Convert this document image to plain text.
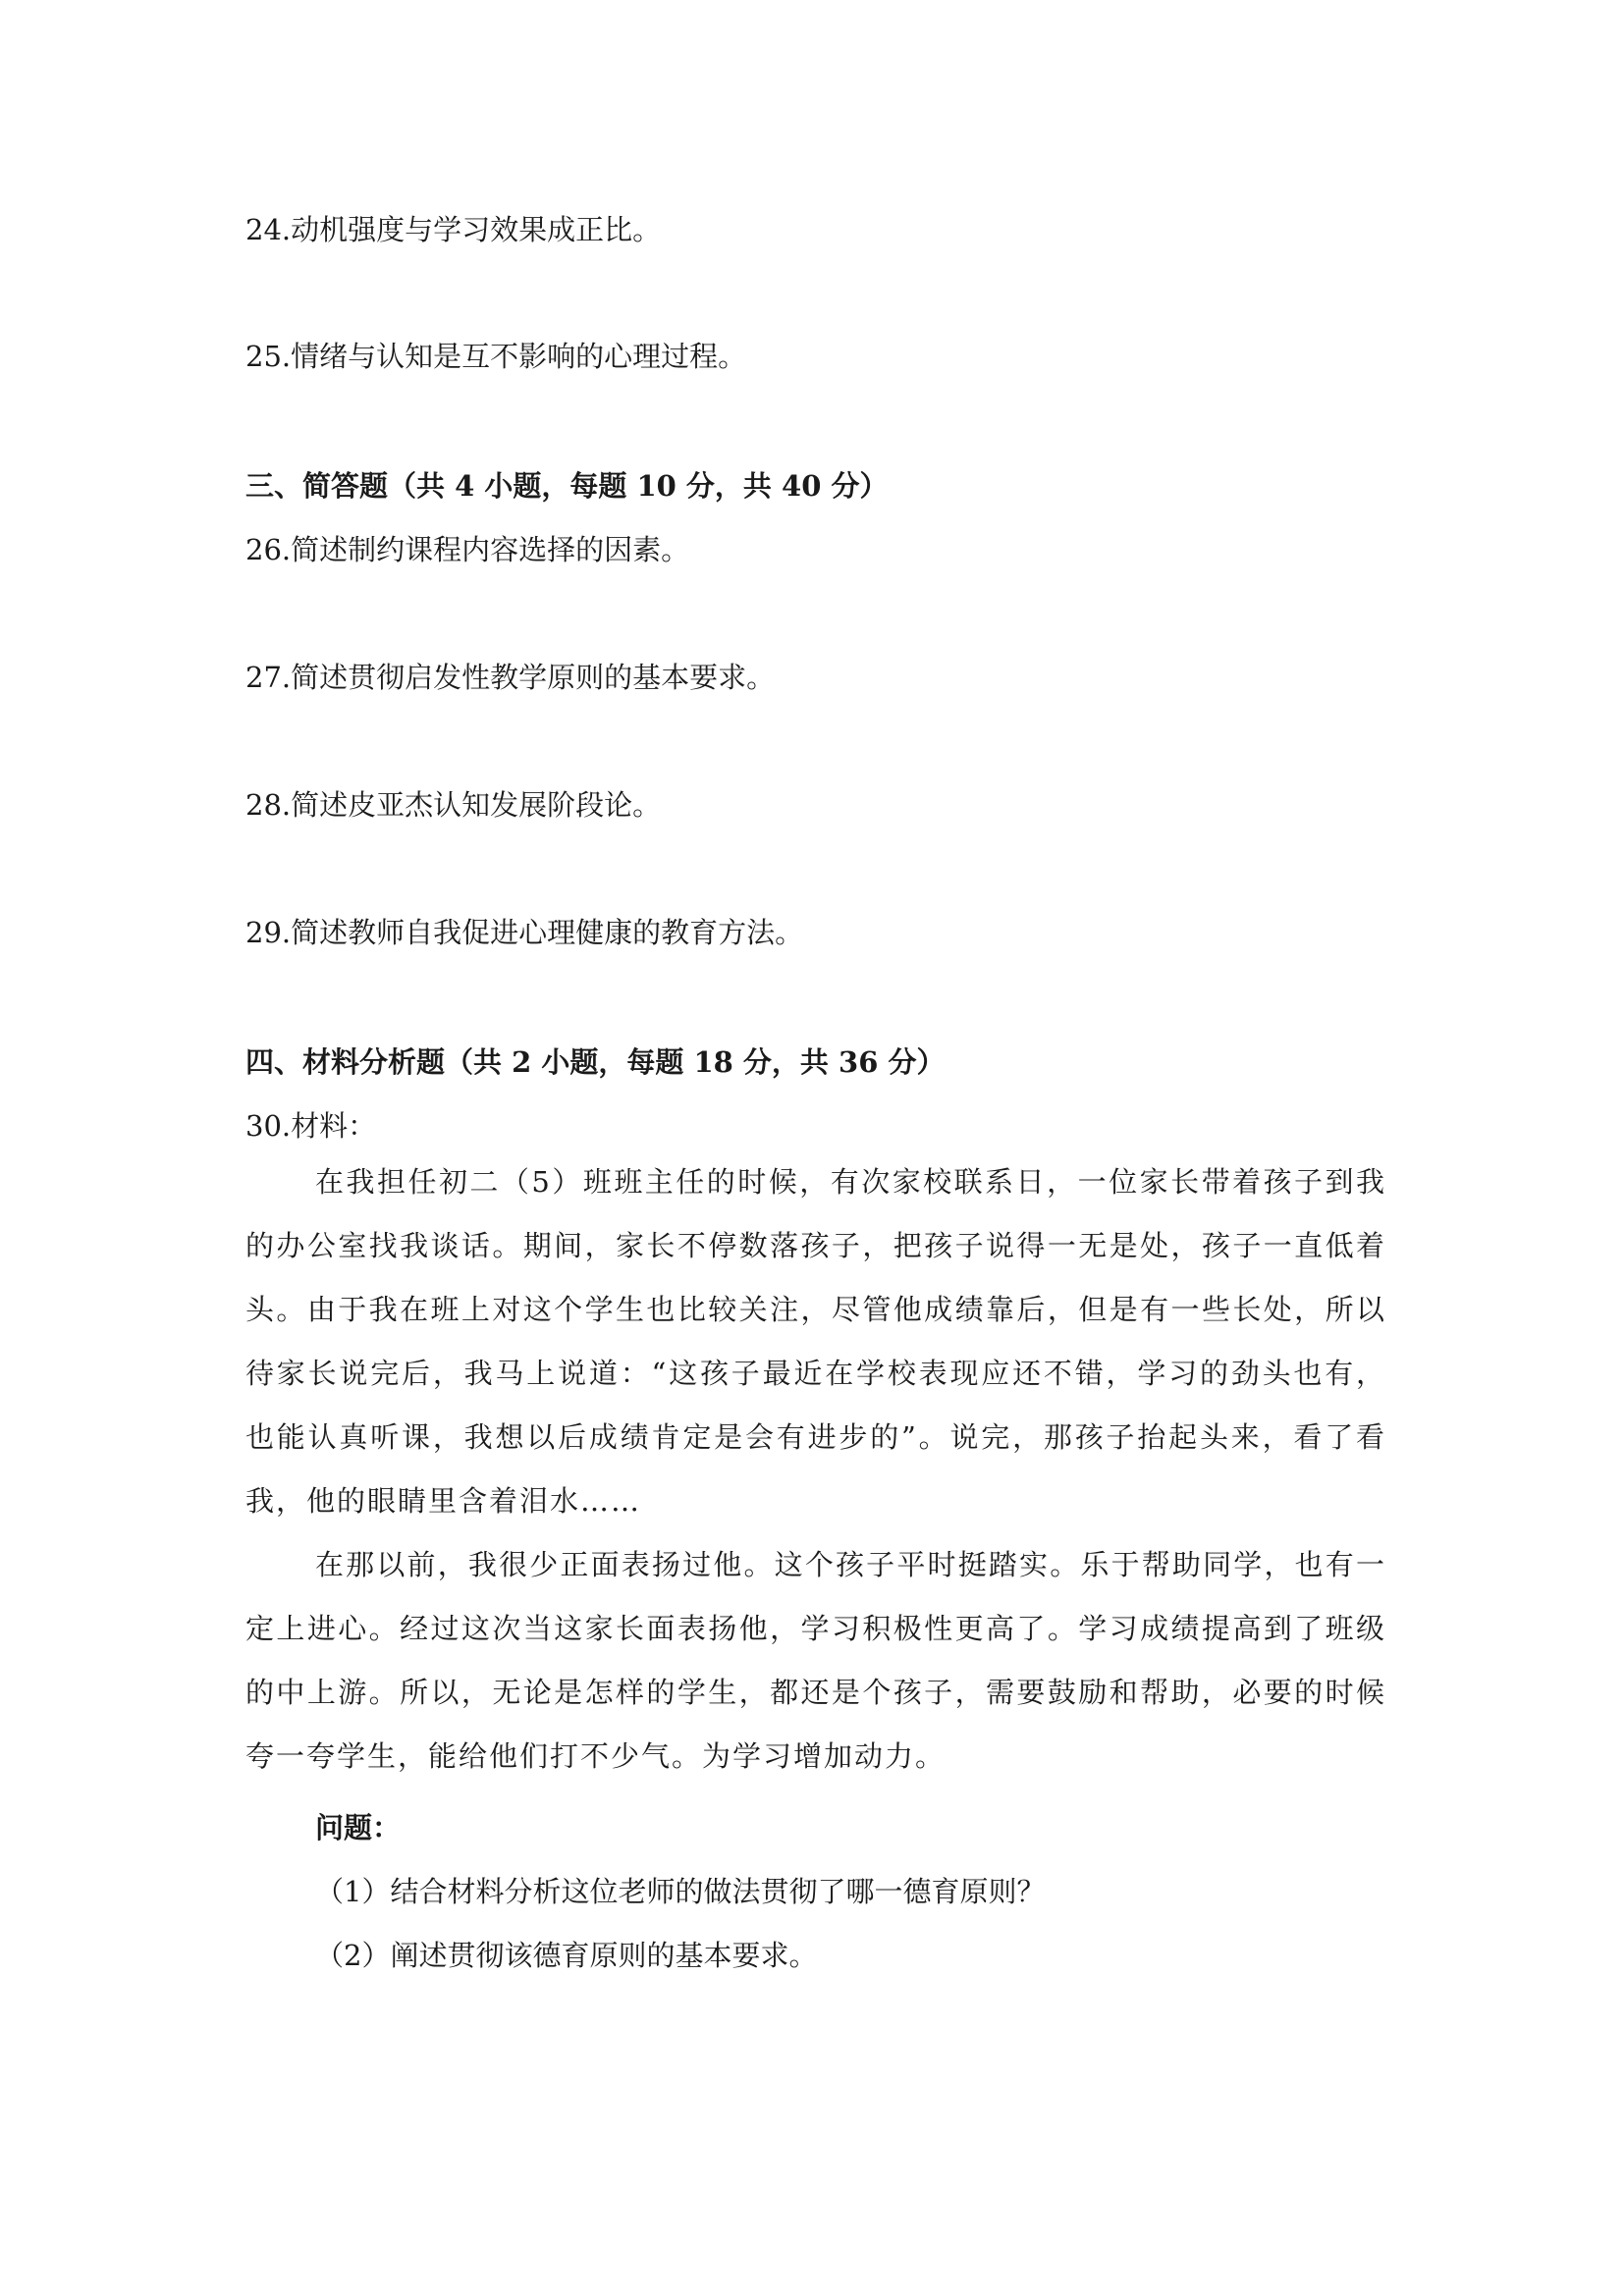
24.动机强度与学习效果成正比。
25.情绪与认知是互不影响的心理过程。
三、简答题（共 4 小题，每题 10 分，共 40 分）
26.简述制约课程内容选择的因素。
27.简述贯彻启发性教学原则的基本要求。
28.简述皮亚杰认知发展阶段论。
29.简述教师自我促进心理健康的教育方法。
四、材料分析题（共 2 小题，每题 18 分，共 36 分）
30.材料：
在我担任初二（5）班班主任的时候，有次家校联系日，一位家长带着孩子到我的办公室找我谈话。期间，家长不停数落孩子，把孩子说得一无是处，孩子一直低着头。由于我在班上对这个学生也比较关注，尽管他成绩靠后，但是有一些长处，所以待家长说完后，我马上说道：“这孩子最近在学校表现应还不错，学习的劲头也有，也能认真听课，我想以后成绩肯定是会有进步的”。说完，那孩子抬起头来，看了看我，他的眼睛里含着泪水……
在那以前，我很少正面表扬过他。这个孩子平时挺踏实。乐于帮助同学，也有一定上进心。经过这次当这家长面表扬他，学习积极性更高了。学习成绩提高到了班级的中上游。所以，无论是怎样的学生，都还是个孩子，需要鼓励和帮助，必要的时候夸一夸学生，能给他们打不少气。为学习增加动力。
问题：
（1）结合材料分析这位老师的做法贯彻了哪一德育原则？
（2）阐述贯彻该德育原则的基本要求。
